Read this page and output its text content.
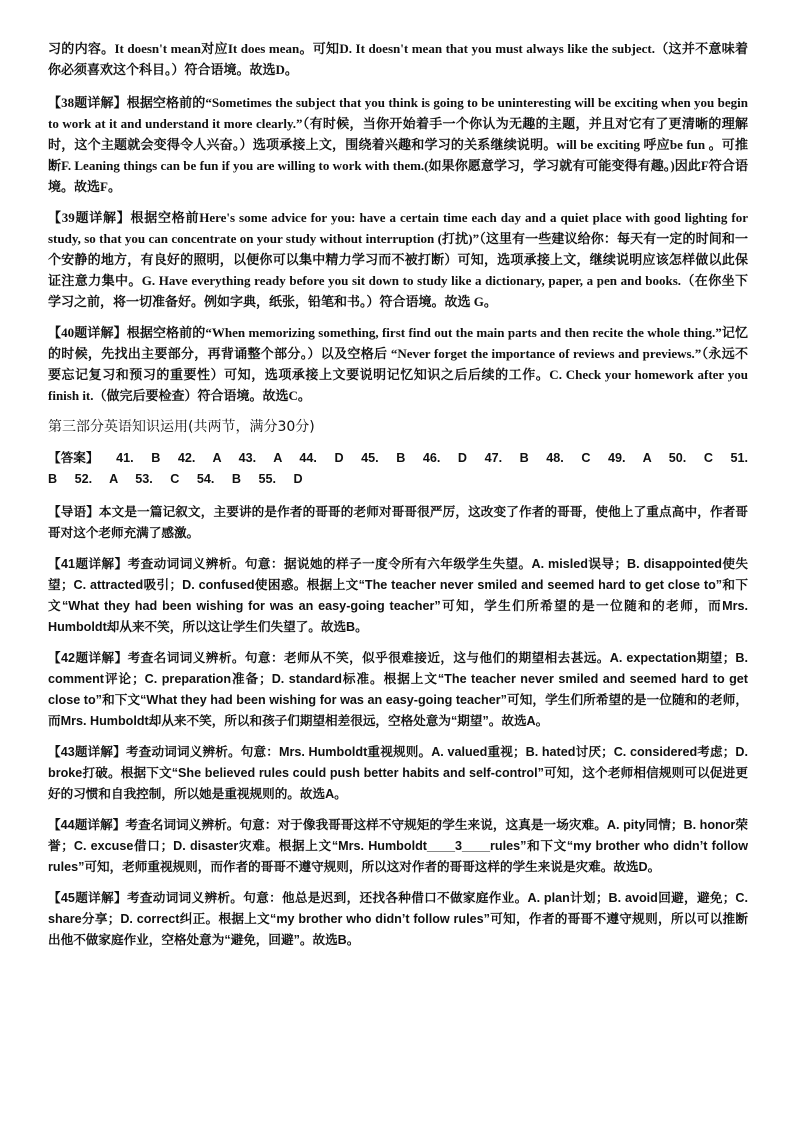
习的内容。It doesn't mean对应It does mean。可知D. It doesn't mean that you must always like the subject.（这并不意味着你必须喜欢这个科目。）符合语境。故选D。

【38题详解】根据空格前的“Sometimes the subject that you think is going to be uninteresting will be exciting when you begin to work at it and understand it more clearly.”（有时候，当你开始着手一个你认为无趣的主题，并且对它有了更清晰的理解时，这个主题就会变得令人兴奋。）选项承接上文，围绕着兴趣和学习的关系继续说明。will be exciting 呼应be fun 。可推断F. Leaning things can be fun if you are willing to work with them.(如果你愿意学习，学习就有可能变得有趣。)因此F符合语境。故选F。

【39题详解】根据空格前Here's some advice for you: have a certain time each day and a quiet place with good lighting for study, so that you can concentrate on your study without interruption (打扰)”（这里有一些建议给你：每天有一定的时间和一个安静的地方，有良好的照明，以便你可以集中精力学习而不被打断）可知，选项承接上文，继续说明应该怎样做以此保证注意力集中。G. Have everything ready before you sit down to study like a dictionary, paper, a pen and books.（在你坐下学习之前，将一切准备好。例如字典，纸张，铅笔和书。）符合语境。故选 G。

【40题详解】根据空格前的“When memorizing something, first find out the main parts and then recite the whole thing.”记忆的时候，先找出主要部分，再背诵整个部分。）以及空格后 “Never forget the importance of reviews and previews.”（永远不要忘记复习和预习的重要性）可知，选项承接上文要说明记忆知识之后后续的工作。C. Check your homework after you finish it.（做完后要检查）符合语境。故选C。

第三部分英语知识运用(共两节，满分30分)

【答案】 41. B 42. A 43. A 44. D 45. B 46. D 47. B 48. C 49. A 50. C 51. B 52. A 53. C 54. B 55. D

【导语】本文是一篇记叙文，主要讲的是作者的哥哥的老师对哥哥很严厉，这改变了作者的哥哥，使他上了重点高中，作者哥哥对这个老师充满了感激。

【41题详解】考查动词词义辨析。句意：据说她的样子一度令所有六年级学生失望。A. misled误导；B. disappointed使失望；C. attracted吸引；D. confused使困惑。根据上文“The teacher never smiled and seemed hard to get close to”和下文“What they had been wishing for was an easy-going teacher”可知，学生们所希望的是一位随和的老师，而Mrs. Humboldt却从来不笑，所以这让学生们失望了。故选B。

【42题详解】考查名词词义辨析。句意：老师从不笑，似乎很难接近，这与他们的期望相去甚远。A. expectation期望；B. comment评论；C. preparation准备；D. standard标准。根据上文“The teacher never smiled and seemed hard to get close to”和下文“What they had been wishing for was an easy-going teacher”可知，学生们所希望的是一位随和的老师，而Mrs. Humboldt却从来不笑，所以和孩子们期望相差很远，空格处意为“期望”。故选A。

【43题详解】考查动词词义辨析。句意：Mrs. Humboldt重视规则。A. valued重视；B. hated讨厌；C. considered考虑；D. broke打破。根据下文“She believed rules could push better habits and self-control”可知，这个老师相信规则可以促进更好的习惯和自我控制，所以她是重视规则的。故选A。

【44题详解】考查名词词义辨析。句意：对于像我哥哥这样不守规矩的学生来说，这真是一场灾难。A. pity同情；B. honor荣誉；C. excuse借口；D. disaster灾难。根据上文“Mrs. Humboldt____3____rules”和下文“my brother who didn’t follow rules”可知，老师重视规则，而作者的哥哥不遵守规则，所以这对作者的哥哥这样的学生来说是灾难。故选D。

【45题详解】考查动词词义辨析。句意：他总是迟到，还找各种借口不做家庭作业。A. plan计划；B. avoid回避，避免；C. share分享；D. correct纠正。根据上文“my brother who didn’t follow rules”可知，作者的哥哥不遵守规则，所以可以推断出他不做家庭作业，空格处意为“避免，回避”。故选B。
